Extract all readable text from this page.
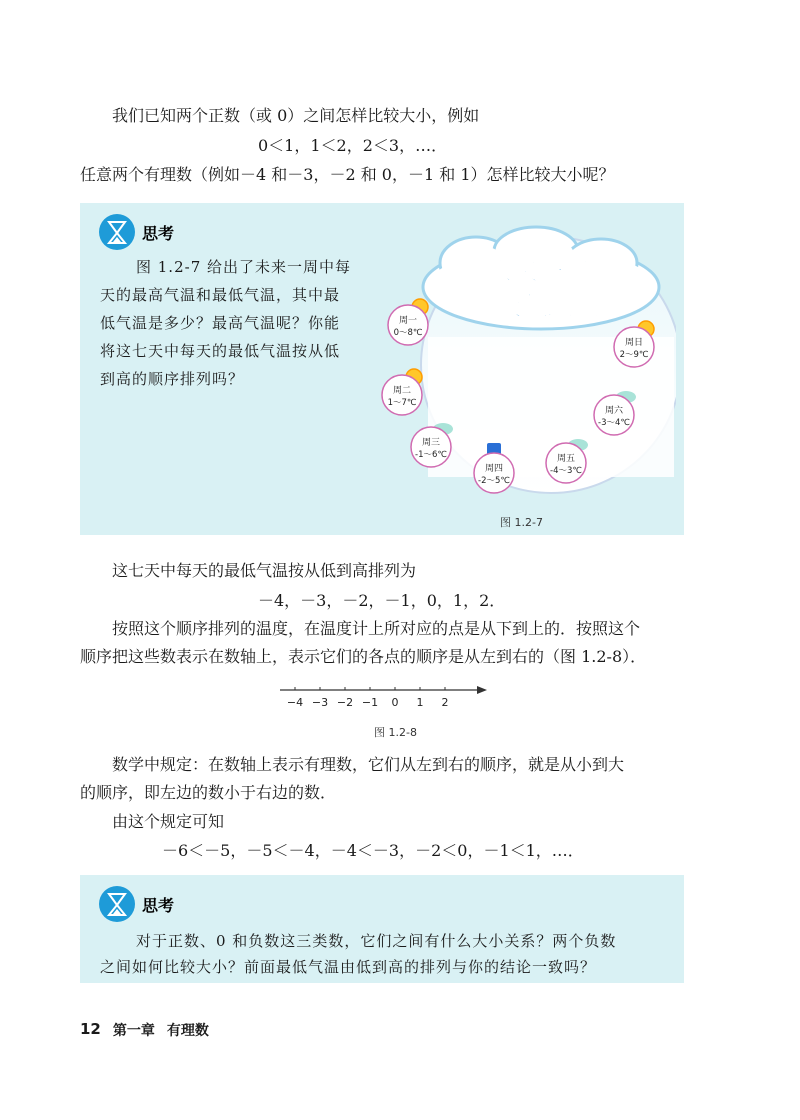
我们已知两个正数（或 0）之间怎样比较大小，例如
0＜1，1＜2，2＜3，…．
任意两个有理数（例如－4 和－3，－2 和 0，－1 和 1）怎样比较大小呢？
思考
图 1.2-7 给出了未来一周中每
天的最高气温和最低气温，其中最
低气温是多少？最高气温呢？你能
将这七天中每天的最低气温按从低
到高的顺序排列吗？
未来一周
天气预报
周一
0～8℃
周二
1～7℃
周三
-1～6℃
周四
-2～5℃
周五
-4～3℃
周六
-3～4℃
周日
2～9℃
图 1.2-7
这七天中每天的最低气温按从低到高排列为
－4，－3，－2，－1，0，1，2．
按照这个顺序排列的温度，在温度计上所对应的点是从下到上的．按照这个
顺序把这些数表示在数轴上，表示它们的各点的顺序是从左到右的（图 1.2-8）．
−4 −3 −2 −1 0 1 2
图 1.2-8
数学中规定：在数轴上表示有理数，它们从左到右的顺序，就是从小到大
的顺序，即左边的数小于右边的数．
由这个规定可知
－6＜－5，－5＜－4，－4＜－3，－2＜0，－1＜1，…．
思考
对于正数、0 和负数这三类数，它们之间有什么大小关系？两个负数
之间如何比较大小？前面最低气温由低到高的排列与你的结论一致吗？
12 第一章 有理数
